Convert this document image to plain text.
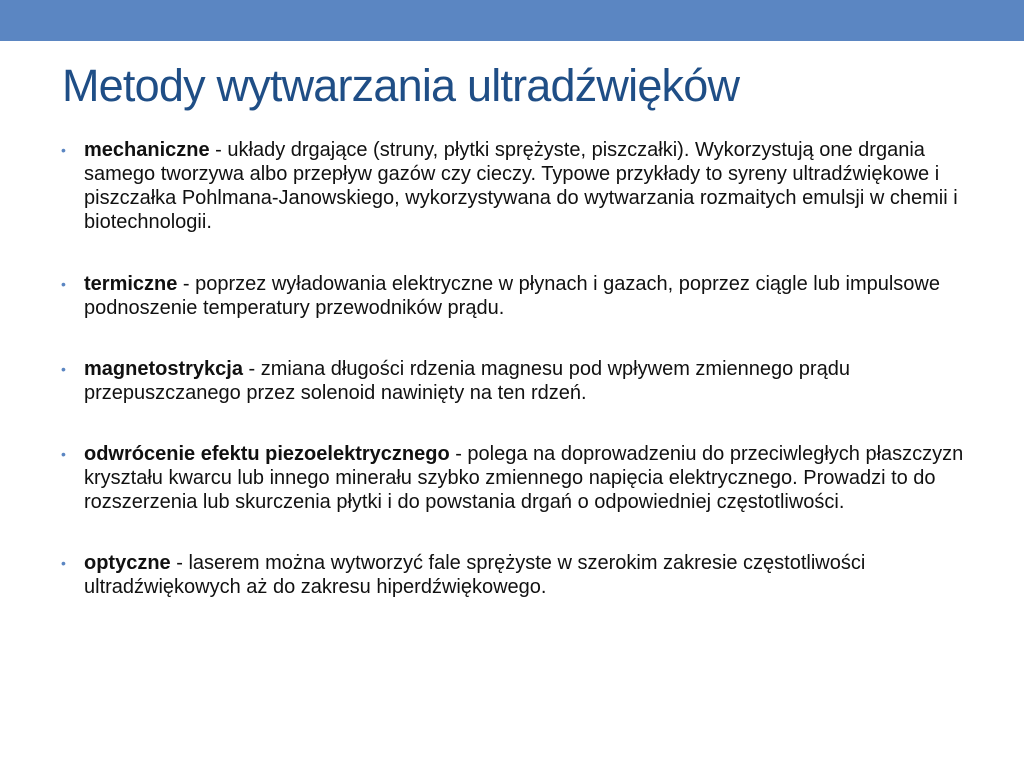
Metody wytwarzania ultradźwięków
• mechaniczne - układy drgające (struny, płytki sprężyste, piszczałki). Wykorzystują one drgania samego tworzywa albo przepływ gazów czy cieczy. Typowe przykłady to syreny ultradźwiękowe i piszczałka Pohlmana-Janowskiego, wykorzystywana do wytwarzania rozmaitych emulsji w chemii i biotechnologii.
• termiczne - poprzez wyładowania elektryczne w płynach i gazach, poprzez ciągle lub impulsowe podnoszenie temperatury przewodników prądu.
• magnetostrykcja - zmiana długości rdzenia magnesu pod wpływem zmiennego prądu przepuszczanego przez solenoid nawinięty na ten rdzeń.
• odwrócenie efektu piezoelektrycznego - polega na doprowadzeniu do przeciwległych płaszczyzn kryształu kwarcu lub innego minerału szybko zmiennego napięcia elektrycznego. Prowadzi to do rozszerzenia lub skurczenia płytki i do powstania drgań o odpowiedniej częstotliwości.
• optyczne - laserem można wytworzyć fale sprężyste w szerokim zakresie częstotliwości ultradźwiękowych aż do zakresu hiperdźwiękowego.
